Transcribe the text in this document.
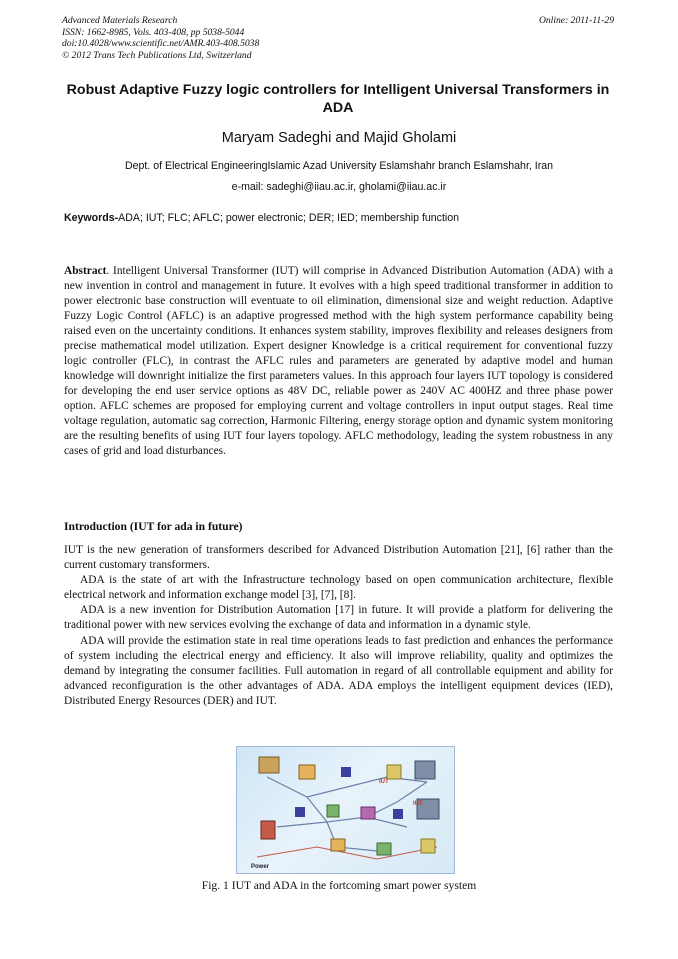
Advanced Materials Research
ISSN: 1662-8985, Vols. 403-408, pp 5038-5044
doi:10.4028/www.scientific.net/AMR.403-408.5038
© 2012 Trans Tech Publications Ltd, Switzerland
Online: 2011-11-29
Robust Adaptive Fuzzy logic controllers for Intelligent Universal Transformers in ADA
Maryam Sadeghi and Majid Gholami
Dept. of Electrical EngineeringIslamic Azad University Eslamshahr branch Eslamshahr, Iran
e-mail: sadeghi@iiau.ac.ir, gholami@iiau.ac.ir
Keywords-ADA; IUT; FLC; AFLC; power electronic; DER; IED; membership function
Abstract. Intelligent Universal Transformer (IUT) will comprise in Advanced Distribution Automation (ADA) with a new invention in control and management in future. It evolves with a high speed traditional transformer in addition to power electronic base construction will eventuate to oil elimination, dimensional size and weight reduction. Adaptive Fuzzy Logic Control (AFLC) is an adaptive progressed method with the high system performance capability being raised even on the uncertainty conditions. It enhances system stability, improves flexibility and releases designers from precise mathematical model utilization. Expert designer Knowledge is a critical requirement for conventional fuzzy logic controller (FLC), in contrast the AFLC rules and parameters are generated by adaptive model and human knowledge will downright initialize the first parameters values. In this approach four layers IUT topology is considered for developing the end user service options as 48V DC, reliable power as 240V AC 400HZ and three phase power option. AFLC schemes are proposed for employing current and voltage controllers in input output stages. Real time voltage regulation, automatic sag correction, Harmonic Filtering, energy storage option and dynamic system monitoring are the resulting benefits of using IUT four layers topology. AFLC methodology, leading the system robustness in any cases of grid and load disturbances.
Introduction (IUT for ada in future)

IUT is the new generation of transformers described for Advanced Distribution Automation [21], [6] rather than the current customary transformers.

ADA is the state of art with the Infrastructure technology based on open communication architecture, flexible electrical network and information exchange model [3], [7], [8].

ADA is a new invention for Distribution Automation [17] in future. It will provide a platform for delivering the traditional power with new services evolving the exchange of data and information in a dynamic style.

ADA will provide the estimation state in real time operations leads to fast prediction and enhances the performance of system including the electrical energy and efficiency. It also will improve reliability, quality and optimizes the demand by integrating the consumer facilities. Full automation in regard of all controllable equipment and ability for advanced reconfiguration is the other advantages of ADA. ADA employs the intelligent equipment devices (IED), Distributed Energy Resources (DER) and IUT.

IUT
IUT
Power
Fig. 1 IUT and ADA in the fortcoming smart power system
